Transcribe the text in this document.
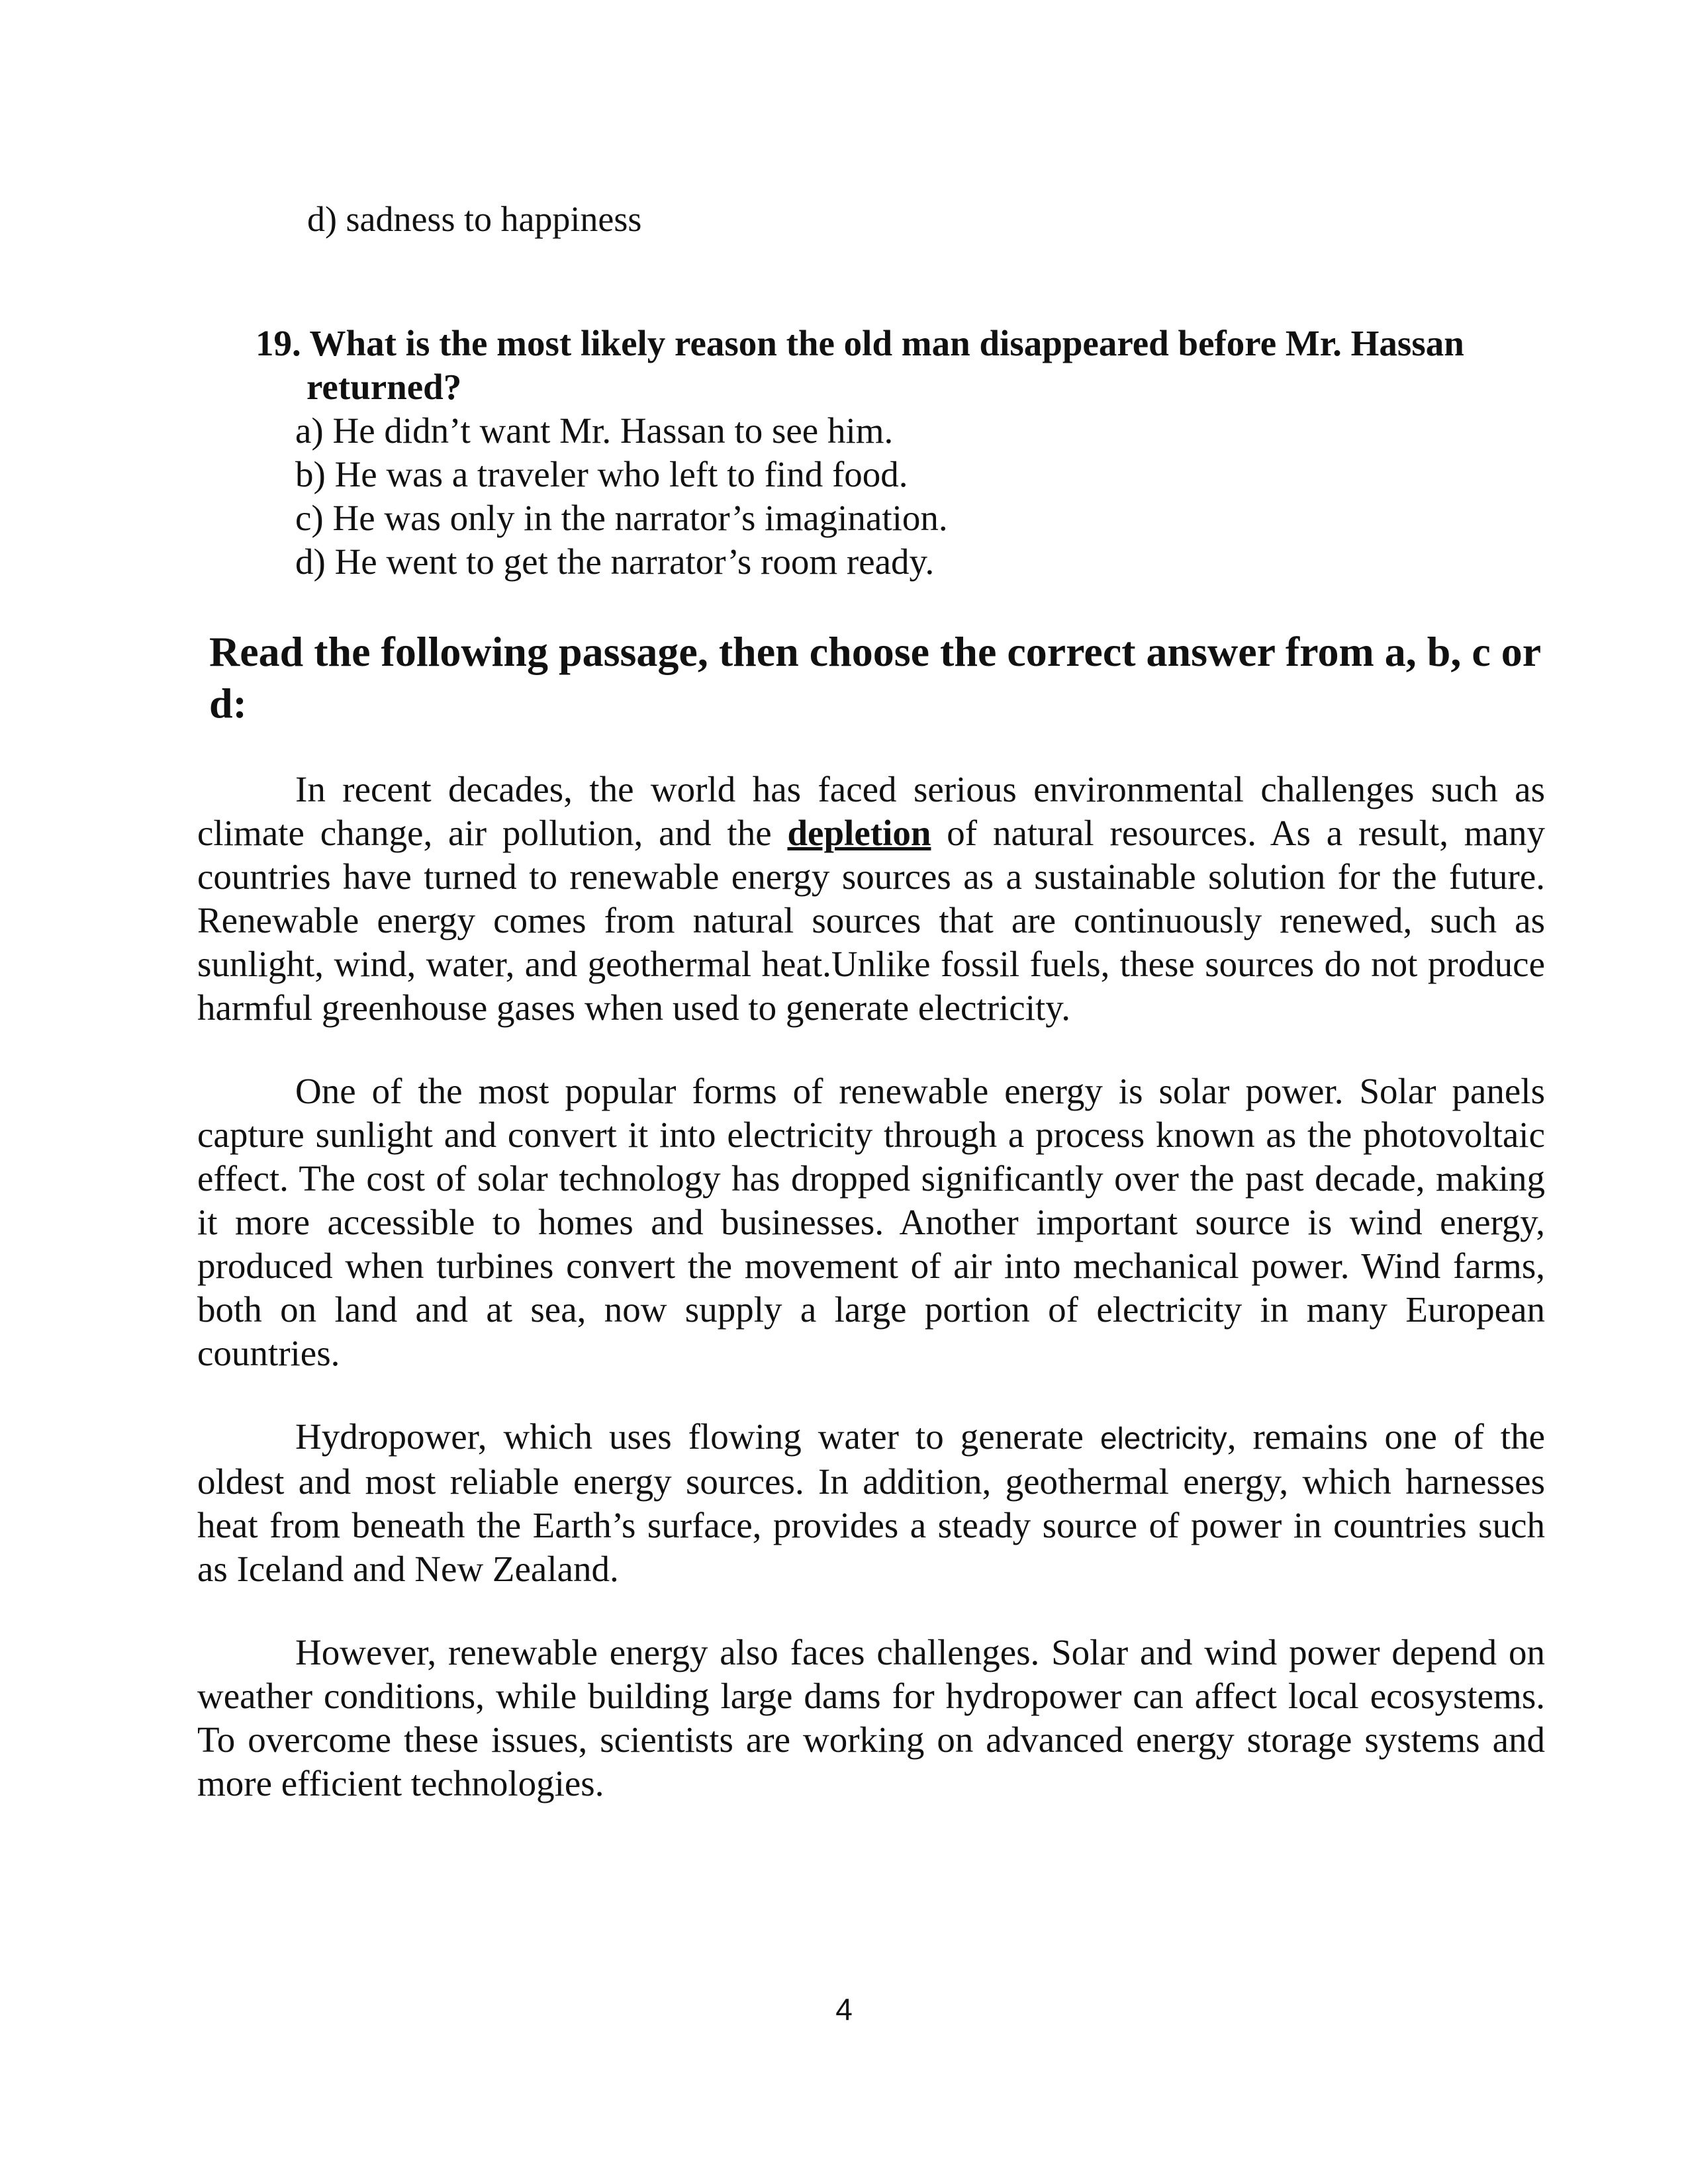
d) sadness to happiness
19. What is the most likely reason the old man disappeared before Mr. Hassan returned?
a) He didn’t want Mr. Hassan to see him.
b) He was a traveler who left to find food.
c) He was only in the narrator’s imagination.
d) He went to get the narrator’s room ready.
Read the following passage, then choose the correct answer from a, b, c or d:

In recent decades, the world has faced serious environmental challenges such as climate change, air pollution, and the depletion of natural resources. As a result, many countries have turned to renewable energy sources as a sustainable solution for the future. Renewable energy comes from natural sources that are continuously renewed, such as sunlight, wind, water, and geothermal heat.Unlike fossil fuels, these sources do not produce harmful greenhouse gases when used to generate electricity.

One of the most popular forms of renewable energy is solar power. Solar panels capture sunlight and convert it into electricity through a process known as the photovoltaic effect. The cost of solar technology has dropped significantly over the past decade, making it more accessible to homes and businesses. Another important source is wind energy, produced when turbines convert the movement of air into mechanical power. Wind farms, both on land and at sea, now supply a large portion of electricity in many European countries.

Hydropower, which uses flowing water to generate electricity, remains one of the oldest and most reliable energy sources. In addition, geothermal energy, which harnesses heat from beneath the Earth’s surface, provides a steady source of power in countries such as Iceland and New Zealand.

However, renewable energy also faces challenges. Solar and wind power depend on weather conditions, while building large dams for hydropower can affect local ecosystems. To overcome these issues, scientists are working on advanced energy storage systems and more efficient technologies.

4
